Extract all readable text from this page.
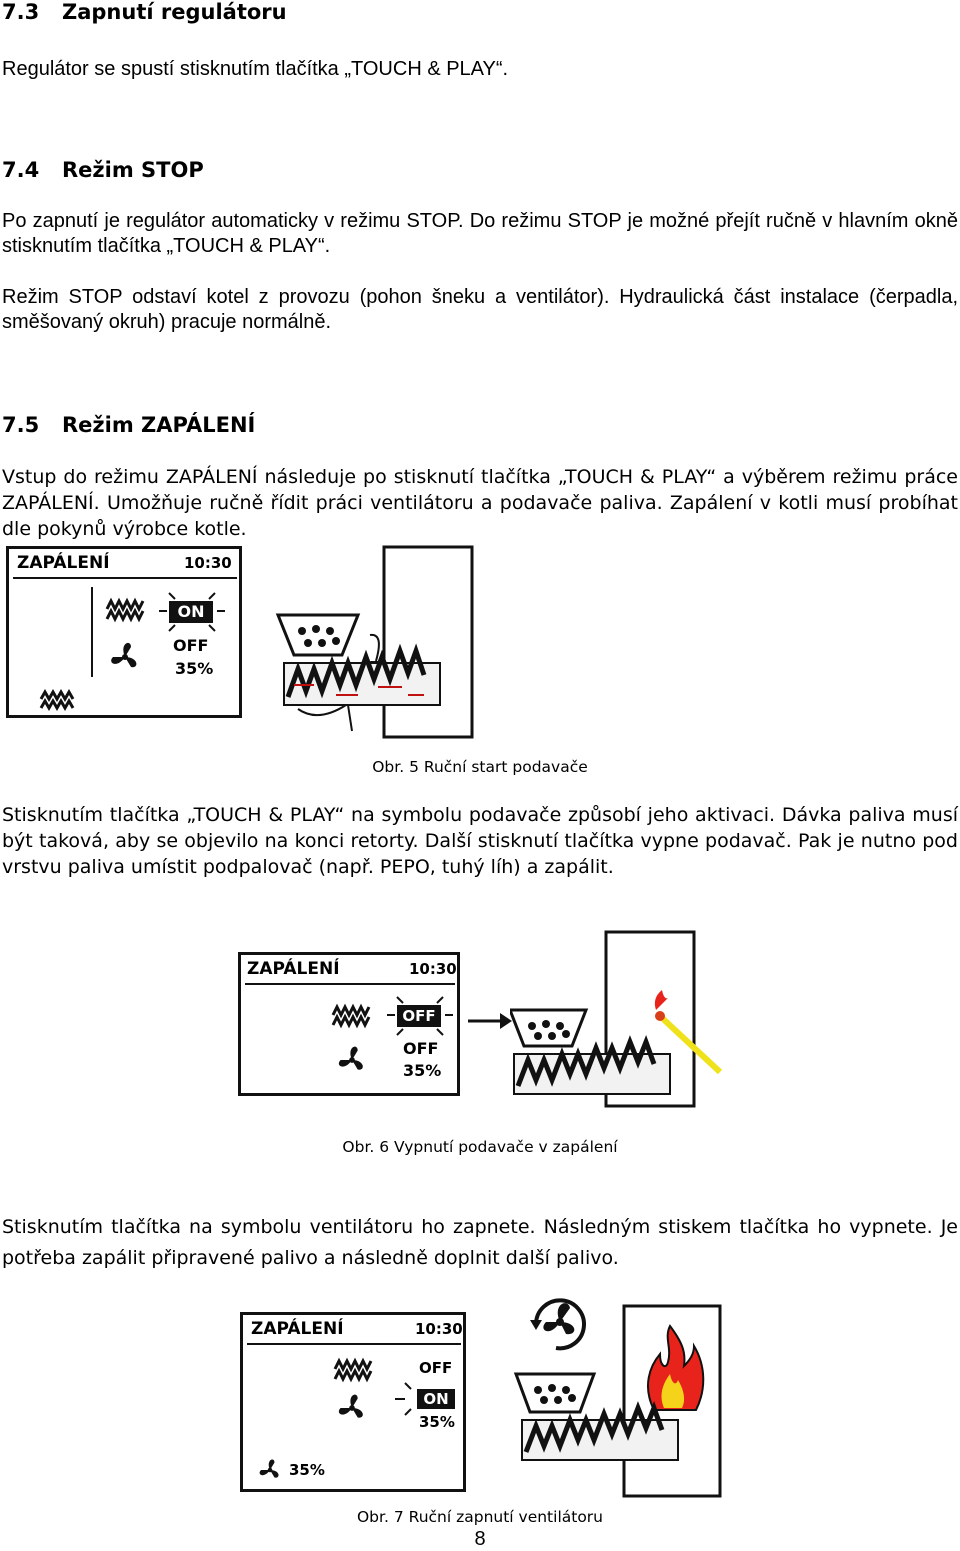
7.3 Zapnutí regulátoru
Regulátor se spustí stisknutím tlačítka „TOUCH & PLAY“.
7.4 Režim STOP
Po zapnutí je regulátor automaticky v režimu STOP. Do režimu STOP je možné přejít ručně v hlavním okně stisknutím tlačítka „TOUCH & PLAY“.
Režim STOP odstaví kotel z provozu (pohon šneku a ventilátor). Hydraulická část instalace (čerpadla, směšovaný okruh) pracuje normálně.
7.5 Režim ZAPÁLENÍ
Vstup do režimu ZAPÁLENÍ následuje po stisknutí tlačítka „TOUCH & PLAY“ a výběrem režimu práce ZAPÁLENÍ. Umožňuje ručně řídit práci ventilátoru a podavače paliva. Zapálení v kotli musí probíhat dle pokynů výrobce kotle.
ZAPÁLENÍ	10:30
ON
OFF
35%
Obr. 5 Ruční start podavače
Stisknutím tlačítka „TOUCH & PLAY“ na symbolu podavače způsobí jeho aktivaci. Dávka paliva musí být taková, aby se objevilo na konci retorty. Další stisknutí tlačítka vypne podavač. Pak je nutno pod vrstvu paliva umístit podpalovač (např. PEPO, tuhý líh) a zapálit.
ZAPÁLENÍ	10:30
OFF
OFF
35%
Obr. 6 Vypnutí podavače v zapálení
Stisknutím tlačítka na symbolu ventilátoru ho zapnete. Následným stiskem tlačítka ho vypnete. Je potřeba zapálit připravené palivo a následně doplnit další palivo.
ZAPÁLENÍ	10:30
OFF
ON
35%
35%
Obr. 7 Ruční zapnutí ventilátoru
8
